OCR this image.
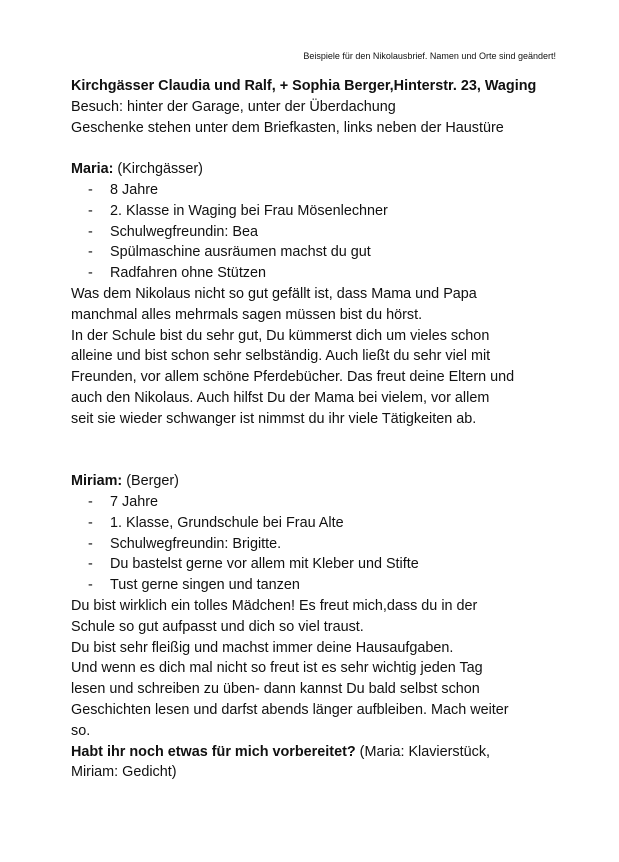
Beispiele für den Nikolausbrief. Namen und Orte sind geändert!

Kirchgässer Claudia und Ralf, + Sophia Berger,Hinterstr. 23, Waging

Besuch: hinter der Garage, unter der Überdachung

Geschenke stehen unter dem Briefkasten, links neben der Haustüre

Maria: (Kirchgässer)

- 8 Jahre
- 2. Klasse in Waging bei Frau Mösenlechner
- Schulwegfreundin: Bea
- Spülmaschine ausräumen machst du gut
- Radfahren ohne Stützen

Was dem Nikolaus nicht so gut gefällt ist, dass Mama und Papa

manchmal alles mehrmals sagen müssen bist du hörst.

In der Schule bist du sehr gut, Du kümmerst dich um vieles schon

alleine und bist schon sehr selbständig. Auch ließt du sehr viel mit

Freunden, vor allem schöne Pferdebücher. Das freut deine Eltern und

auch den Nikolaus. Auch hilfst Du der Mama bei vielem, vor allem

seit sie wieder schwanger ist nimmst du ihr viele Tätigkeiten ab.

Miriam: (Berger)

- 7 Jahre
- 1. Klasse, Grundschule bei Frau Alte
- Schulwegfreundin: Brigitte.
- Du bastelst gerne vor allem mit Kleber und Stifte
- Tust gerne singen und tanzen

Du bist wirklich ein tolles Mädchen! Es freut mich,dass du in der

Schule so gut aufpasst und dich so viel traust.

Du bist sehr fleißig und machst immer deine Hausaufgaben.

Und wenn es dich mal nicht so freut ist es sehr wichtig jeden Tag

lesen und schreiben zu üben- dann kannst Du bald selbst schon

Geschichten lesen und darfst abends länger aufbleiben. Mach weiter

so.

Habt ihr noch etwas für mich vorbereitet? (Maria: Klavierstück,

Miriam: Gedicht)
